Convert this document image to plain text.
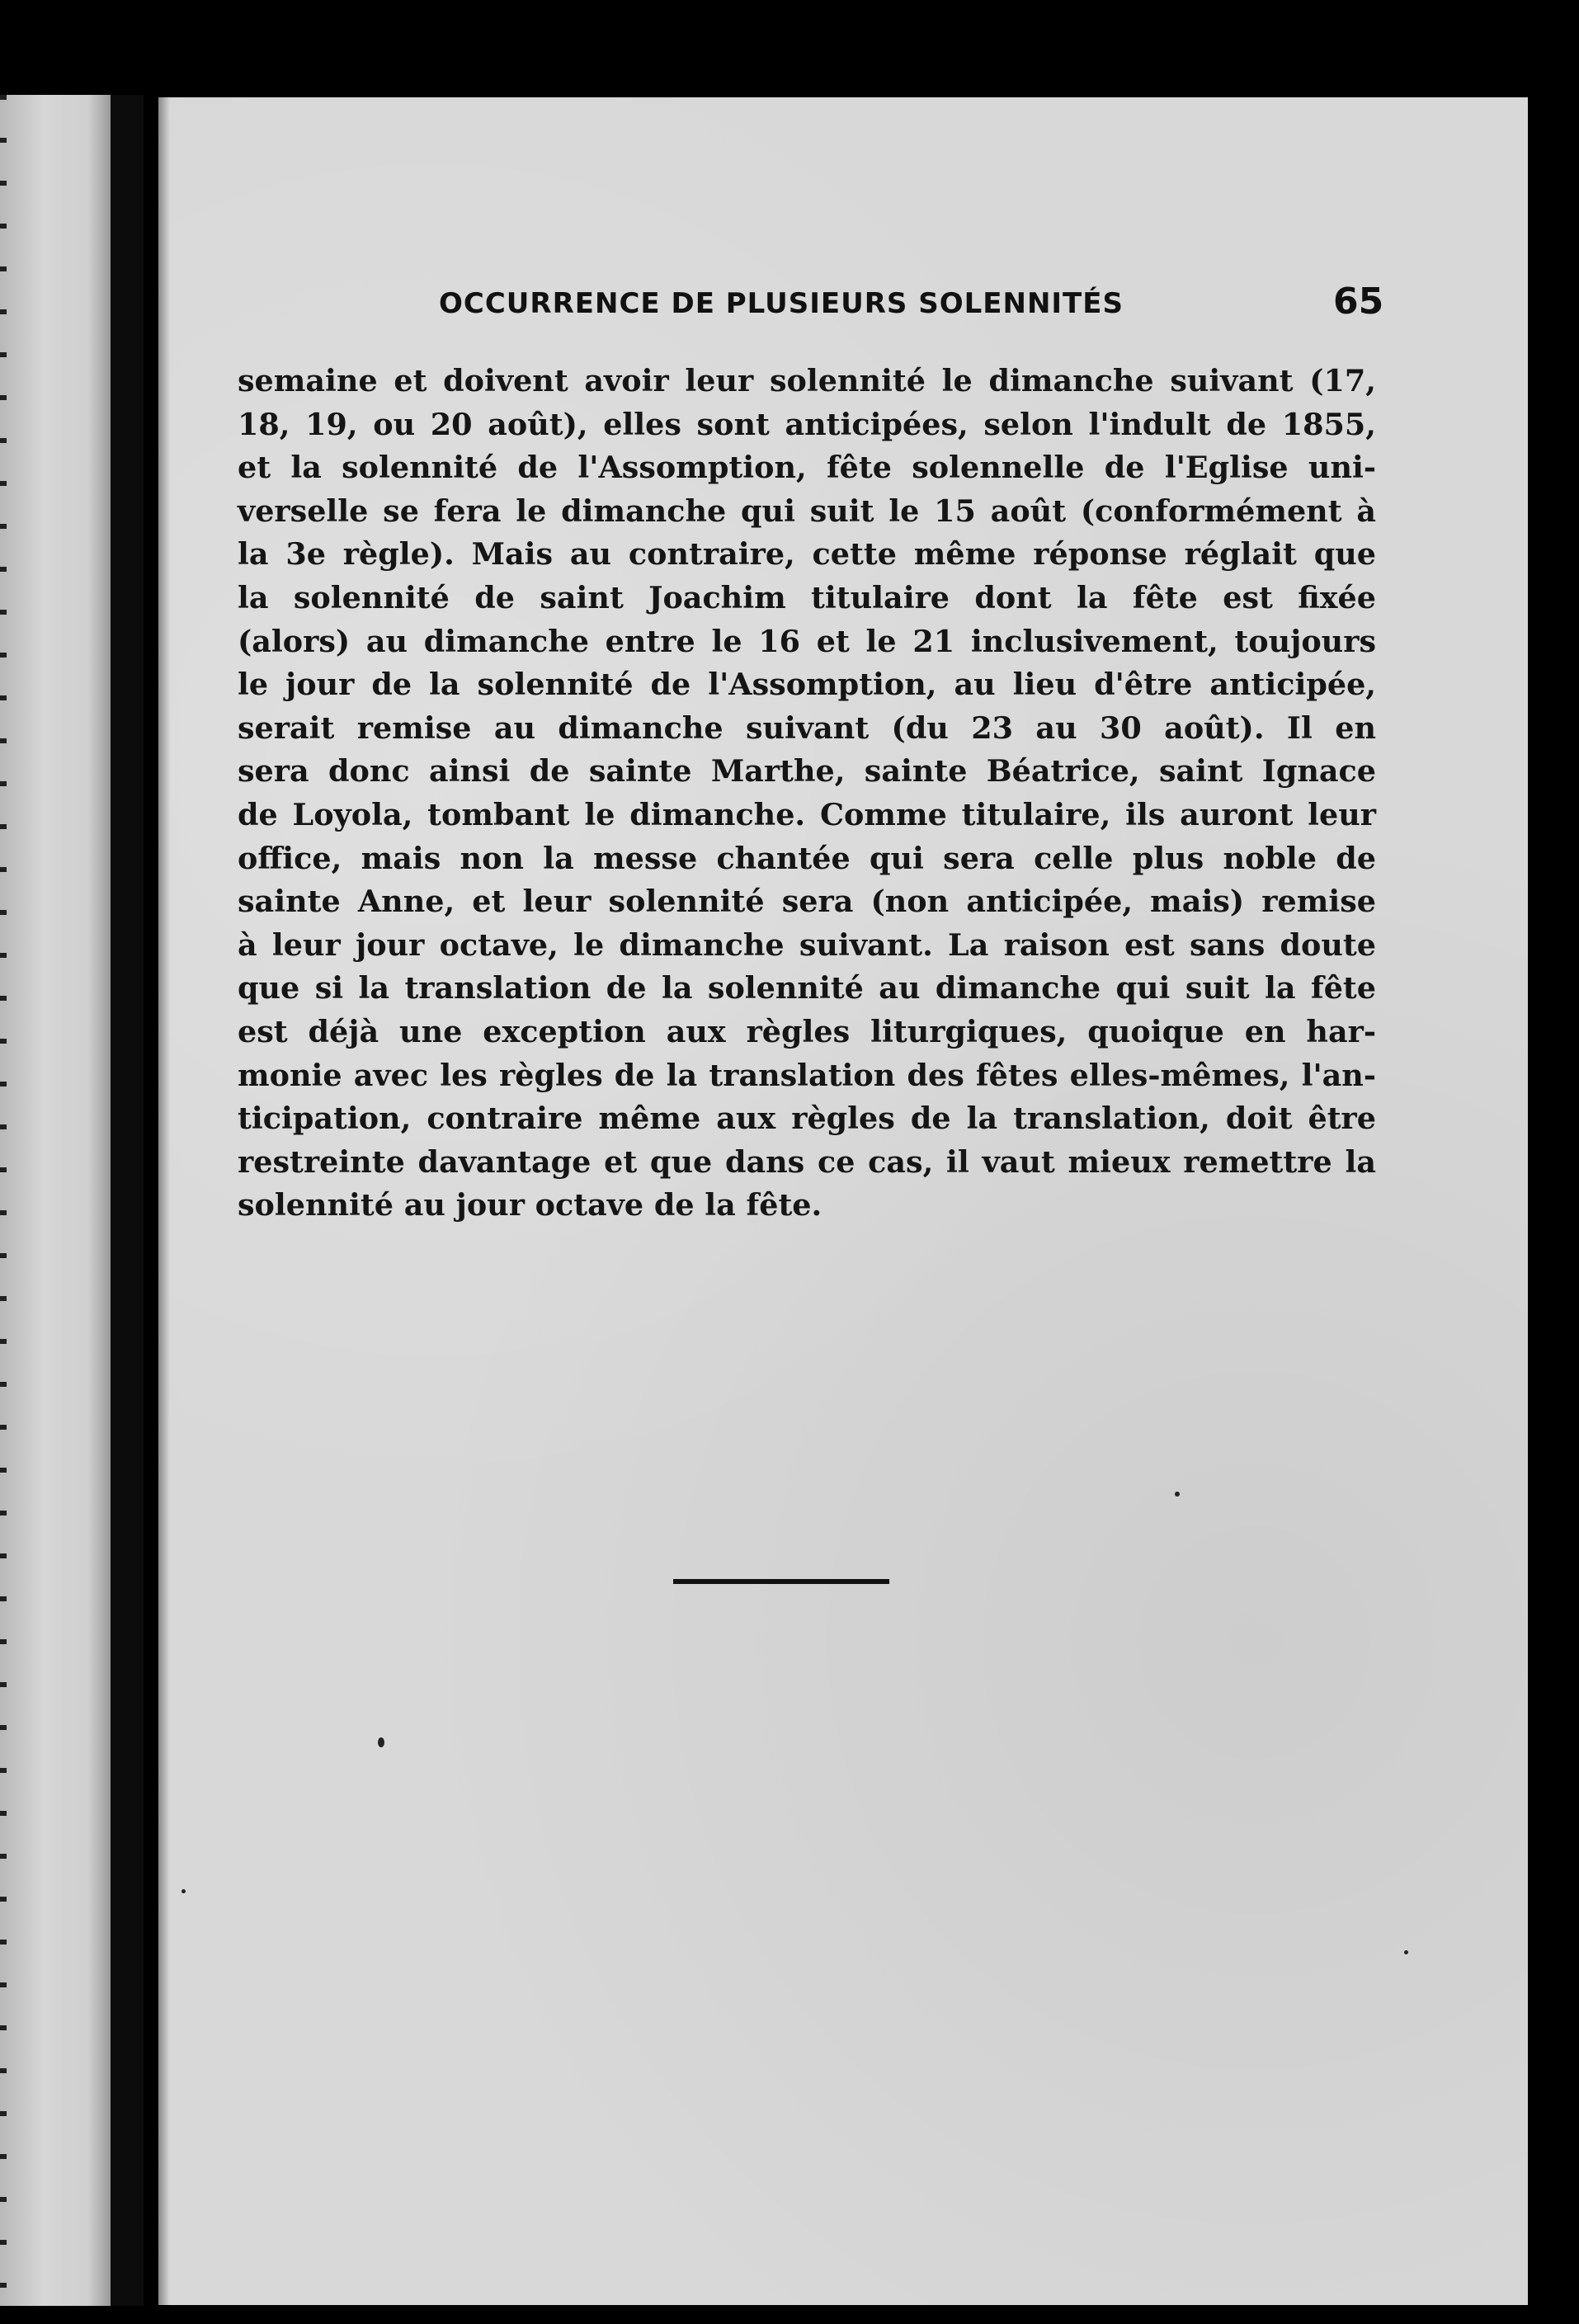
OCCURRENCE DE PLUSIEURS SOLENNITÉS	65
semaine et doivent avoir leur solennité le dimanche suivant (17,
18, 19, ou 20 août), elles sont anticipées, selon l'indult de 1855,
et la solennité de l'Assomption, fête solennelle de l'Eglise uni-
verselle se fera le dimanche qui suit le 15 août (conformément à
la 3e règle). Mais au contraire, cette même réponse réglait que
la solennité de saint Joachim titulaire dont la fête est fixée
(alors) au dimanche entre le 16 et le 21 inclusivement, toujours
le jour de la solennité de l'Assomption, au lieu d'être anticipée,
serait remise au dimanche suivant (du 23 au 30 août). Il en
sera donc ainsi de sainte Marthe, sainte Béatrice, saint Ignace
de Loyola, tombant le dimanche. Comme titulaire, ils auront leur
office, mais non la messe chantée qui sera celle plus noble de
sainte Anne, et leur solennité sera (non anticipée, mais) remise
à leur jour octave, le dimanche suivant. La raison est sans doute
que si la translation de la solennité au dimanche qui suit la fête
est déjà une exception aux règles liturgiques, quoique en har-
monie avec les règles de la translation des fêtes elles-mêmes, l'an-
ticipation, contraire même aux règles de la translation, doit être
restreinte davantage et que dans ce cas, il vaut mieux remettre la
solennité au jour octave de la fête.
